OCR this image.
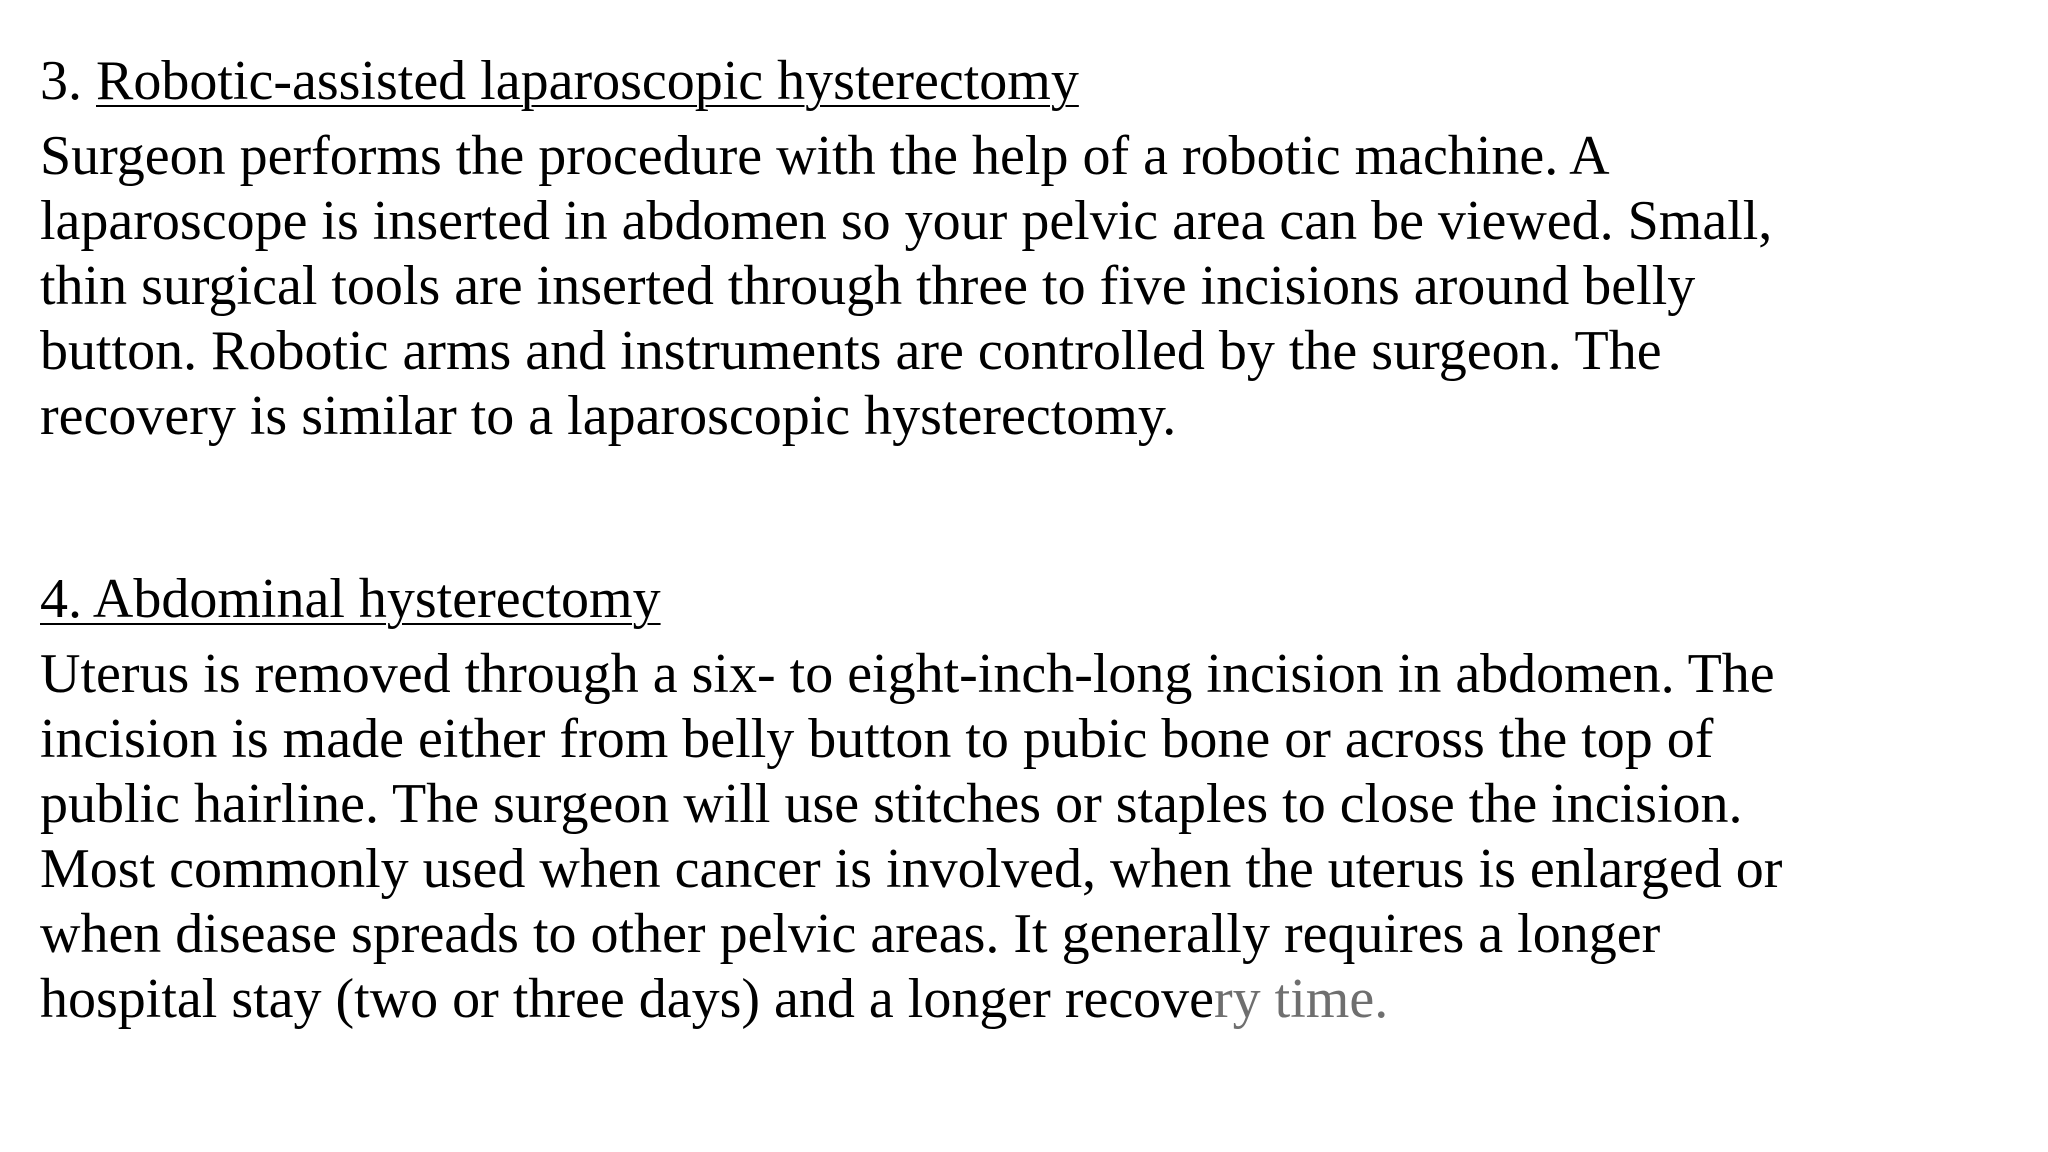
3. Robotic-assisted laparoscopic hysterectomy

Surgeon performs the procedure with the help of a robotic machine. A
laparoscope is inserted in abdomen so your pelvic area can be viewed. Small,
thin surgical tools are inserted through three to five incisions around belly
button. Robotic arms and instruments are controlled by the surgeon. The
recovery is similar to a laparoscopic hysterectomy.

4. Abdominal hysterectomy

Uterus is removed through a six- to eight-inch-long incision in abdomen. The
incision is made either from belly button to pubic bone or across the top of
public hairline. The surgeon will use stitches or staples to close the incision.
Most commonly used when cancer is involved, when the uterus is enlarged or
when disease spreads to other pelvic areas. It generally requires a longer
hospital stay (two or three days) and a longer recovery time.
